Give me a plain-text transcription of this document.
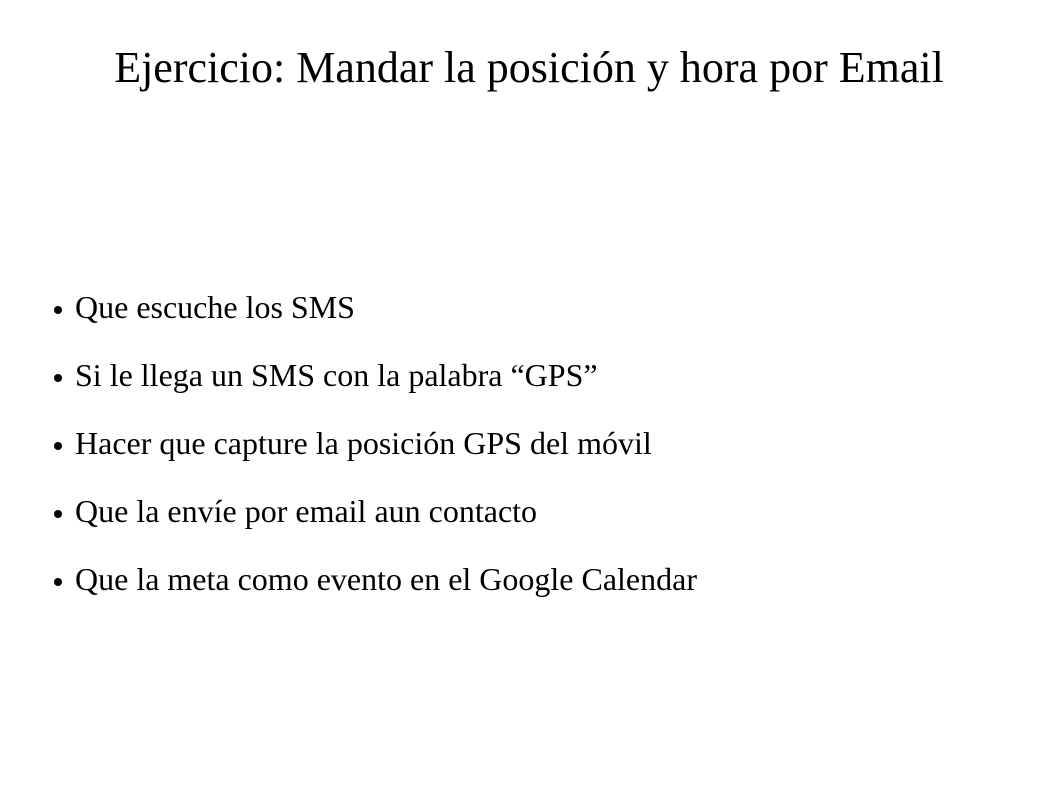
Ejercicio: Mandar la posición y hora por Email
Que escuche los SMS
Si le llega un SMS con la palabra “GPS”
Hacer que capture la posición GPS del móvil
Que la envíe por email aun contacto
Que la meta como evento en el Google Calendar
